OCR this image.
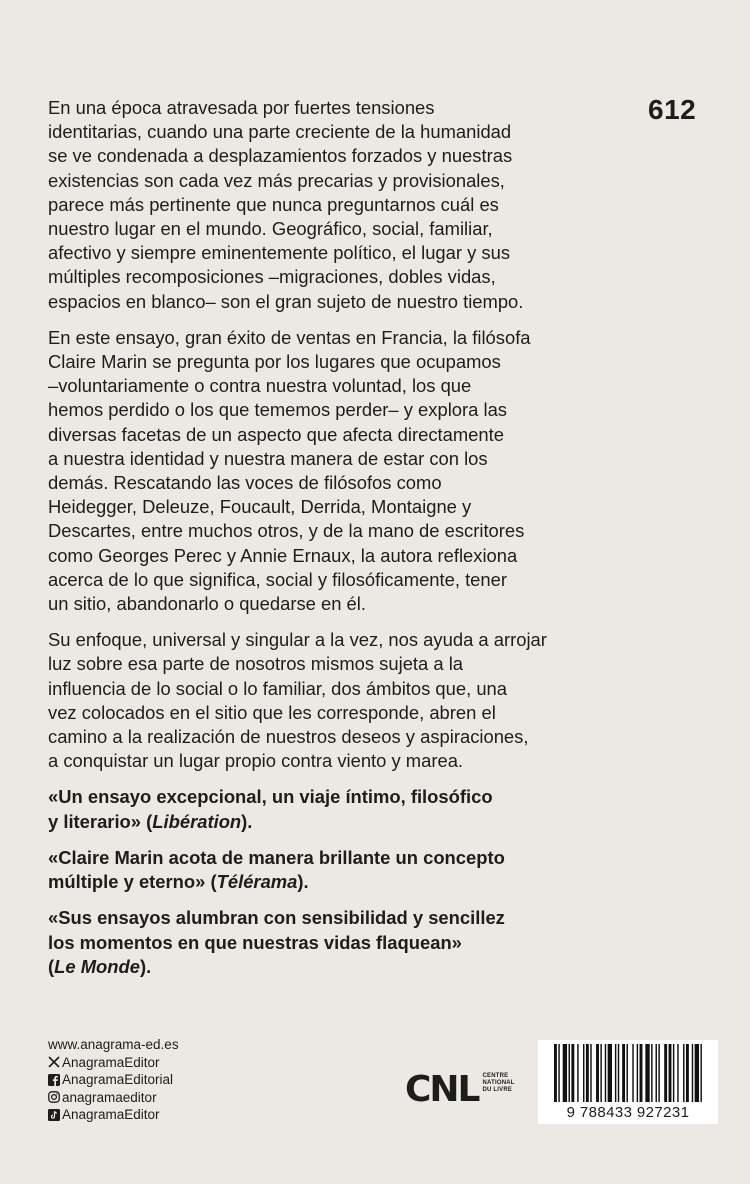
612

En una época atravesada por fuertes tensiones
identitarias, cuando una parte creciente de la humanidad
se ve condenada a desplazamientos forzados y nuestras
existencias son cada vez más precarias y provisionales,
parece más pertinente que nunca preguntarnos cuál es
nuestro lugar en el mundo. Geográfico, social, familiar,
afectivo y siempre eminentemente político, el lugar y sus
múltiples recomposiciones –migraciones, dobles vidas,
espacios en blanco– son el gran sujeto de nuestro tiempo.

En este ensayo, gran éxito de ventas en Francia, la filósofa
Claire Marin se pregunta por los lugares que ocupamos
–voluntariamente o contra nuestra voluntad, los que
hemos perdido o los que tememos perder– y explora las
diversas facetas de un aspecto que afecta directamente
a nuestra identidad y nuestra manera de estar con los
demás. Rescatando las voces de filósofos como
Heidegger, Deleuze, Foucault, Derrida, Montaigne y
Descartes, entre muchos otros, y de la mano de escritores
como Georges Perec y Annie Ernaux, la autora reflexiona
acerca de lo que significa, social y filosóficamente, tener
un sitio, abandonarlo o quedarse en él.

Su enfoque, universal y singular a la vez, nos ayuda a arrojar
luz sobre esa parte de nosotros mismos sujeta a la
influencia de lo social o lo familiar, dos ámbitos que, una
vez colocados en el sitio que les corresponde, abren el
camino a la realización de nuestros deseos y aspiraciones,
a conquistar un lugar propio contra viento y marea.

«Un ensayo excepcional, un viaje íntimo, filosófico
y literario» (Libération).

«Claire Marin acota de manera brillante un concepto
múltiple y eterno» (Télérama).

«Sus ensayos alumbran con sensibilidad y sencillez
los momentos en que nuestras vidas flaquean»
(Le Monde).

www.anagrama-ed.es
AnagramaEditor
AnagramaEditorial
anagramaeditor
AnagramaEditor
CNL CENTRE
NATIONAL
DU LIVRE
9 788433 927231
